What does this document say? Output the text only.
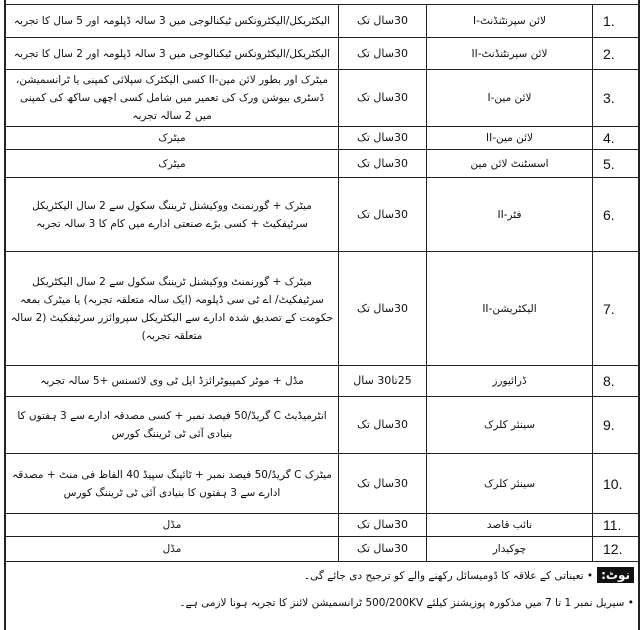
الیکٹریکل/الیکٹرونکس ٹیکنالوجی میں 3 سالہ ڈپلومہ اور 5 سال کا تجربہ	30سال تک	لائن سپرنٹنڈنٹ-I	1.
الیکٹریکل/الیکٹرونکس ٹیکنالوجی میں 3 سالہ ڈپلومہ اور 2 سال کا تجربہ	30سال تک	لائن سپرنٹنڈنٹ-II	2.
میٹرک اور بطور لائن مین-II کسی الیکٹرک سپلائی کمپنی یا ٹرانسمیشن، ڈسٹری بیوشن ورک کی تعمیر میں شامل کسی اچھی ساکھ کی کمپنی میں 2 سالہ تجربہ	30سال تک	لائن مین-I	3.
میٹرک	30سال تک	لائن مین-II	4.
میٹرک	30سال تک	اسسٹنٹ لائن مین	5.
میٹرک + گورنمنٹ ووکیشنل ٹریننگ سکول سے 2 سال الیکٹریکل سرٹیفکیٹ + کسی بڑے صنعتی ادارے میں کام کا 3 سالہ تجربہ	30سال تک	فٹر-II	6.
میٹرک + گورنمنٹ ووکیشنل ٹریننگ سکول سے 2 سال الیکٹریکل سرٹیفکیٹ/ اے ٹی سی ڈپلومہ (ایک سالہ متعلقہ تجربہ) یا میٹرک بمعہ حکومت کے تصدیق شدہ ادارے سے الیکٹریکل سپروائزر سرٹیفکیٹ (2 سالہ متعلقہ تجربہ)	30سال تک	الیکٹریشن-II	7.
مڈل + موٹر کمپیوٹرائزڈ ایل ٹی وی لائسنس +5 سالہ تجربہ	25تا30 سال	ڈرائیورز	8.
انٹرمیڈیٹ C گریڈ/50 فیصد نمبر + کسی مصدقہ ادارے سے 3 ہفتوں کا بنیادی آئی ٹی ٹریننگ کورس	30سال تک	سینئر کلرک	9.
میٹرک C گریڈ/50 فیصد نمبر + ٹائپنگ سپیڈ 40 الفاظ فی منٹ + مصدقہ ادارے سے 3 ہفتوں کا بنیادی آئی ٹی ٹریننگ کورس	30سال تک	سینئر کلرک	10.
مڈل	30سال تک	نائب قاصد	11.
مڈل	30سال تک	چوکیدار	12.
نوٹ:• تعیناتی کے علاقہ کا ڈومیسائل رکھنے والے کو ترجیح دی جائے گی۔
• سیریل نمبر 1 تا 7 میں مذکورہ پوزیشنز کیلئے 500/200KV ٹرانسمیشن لائنز کا تجربہ ہونا لازمی ہے۔
